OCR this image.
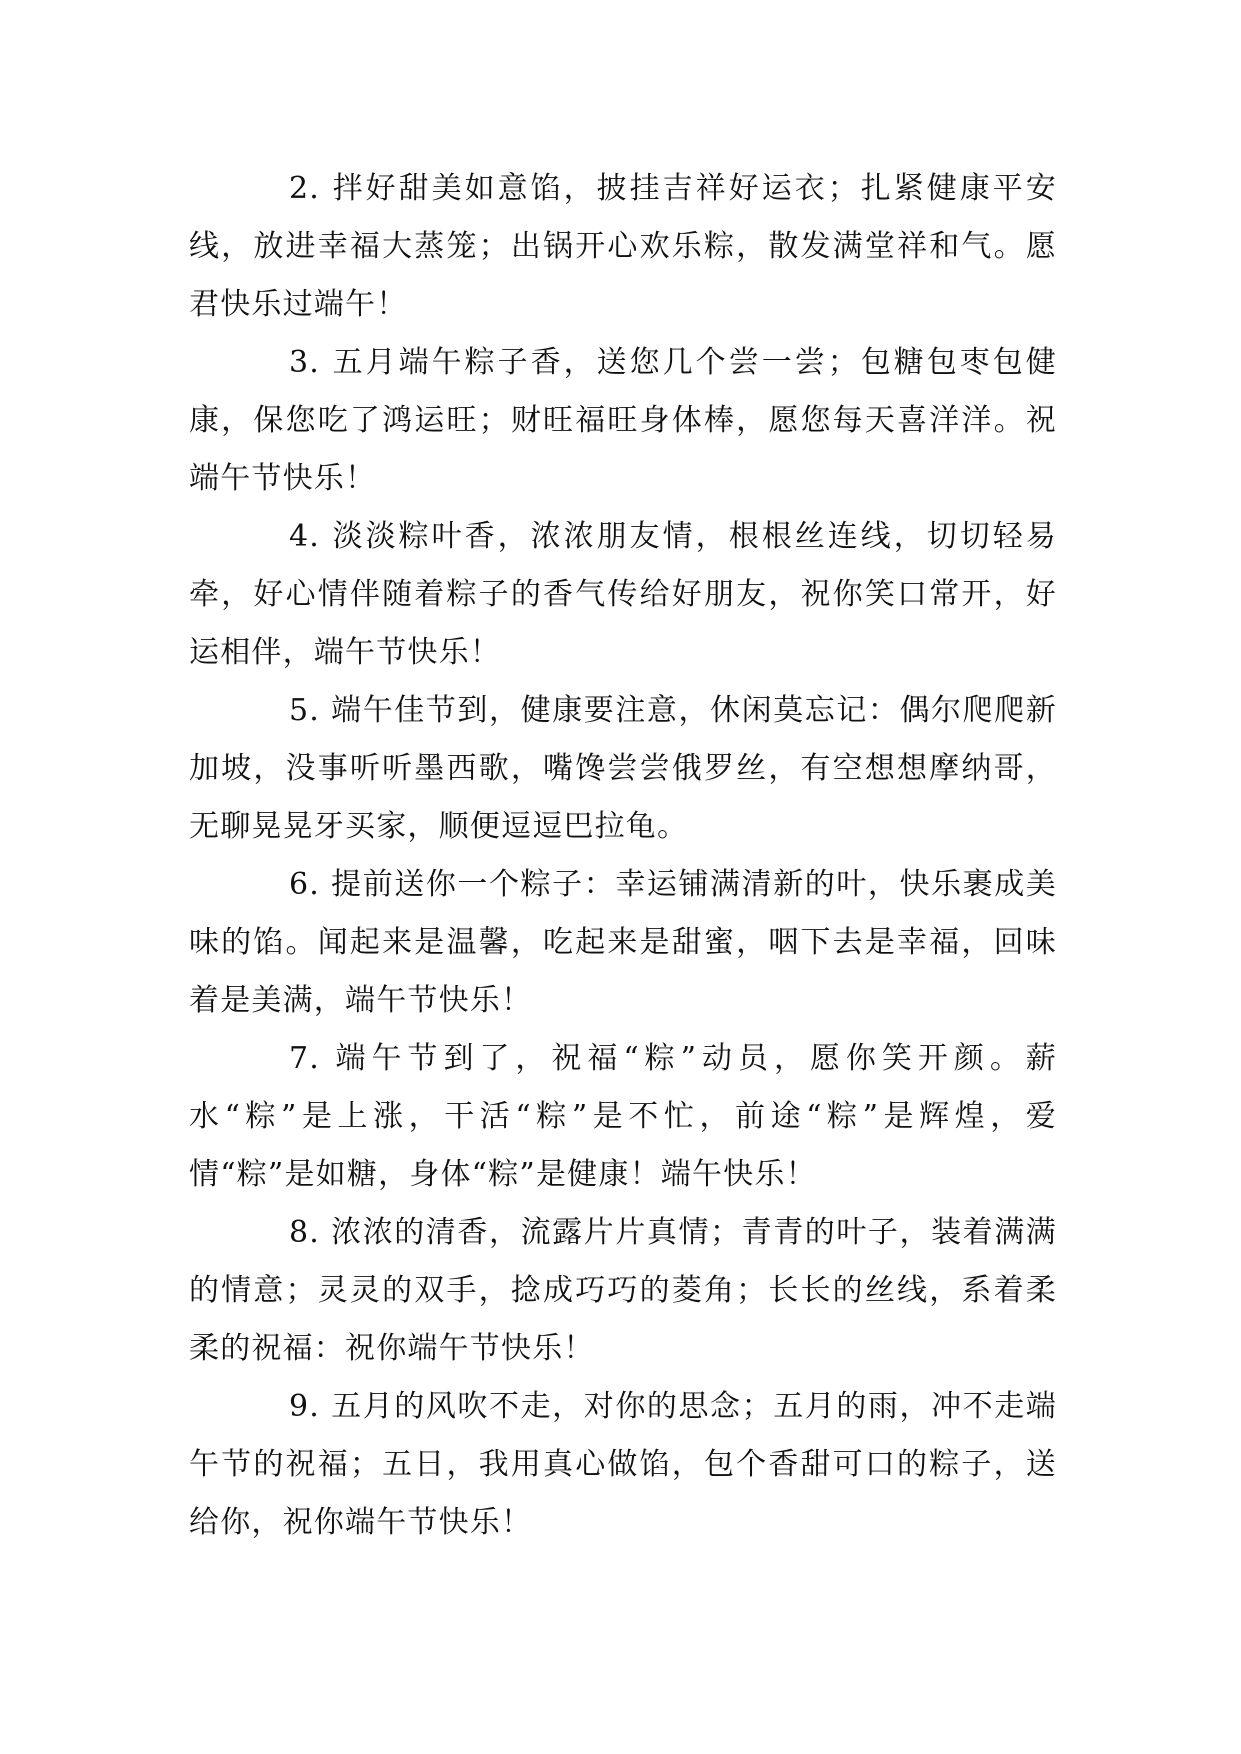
2. 拌好甜美如意馅，披挂吉祥好运衣；扎紧健康平安线，放进幸福大蒸笼；出锅开心欢乐粽，散发满堂祥和气。愿君快乐过端午！

3. 五月端午粽子香，送您几个尝一尝；包糖包枣包健康，保您吃了鸿运旺；财旺福旺身体棒，愿您每天喜洋洋。祝端午节快乐！

4. 淡淡粽叶香，浓浓朋友情，根根丝连线，切切轻易牵，好心情伴随着粽子的香气传给好朋友，祝你笑口常开，好运相伴，端午节快乐！

5. 端午佳节到，健康要注意，休闲莫忘记：偶尔爬爬新加坡，没事听听墨西歌，嘴馋尝尝俄罗丝，有空想想摩纳哥，无聊晃晃牙买家，顺便逗逗巴拉龟。

6. 提前送你一个粽子：幸运铺满清新的叶，快乐裹成美味的馅。闻起来是温馨，吃起来是甜蜜，咽下去是幸福，回味着是美满，端午节快乐！

7. 端午节到了，祝福“粽”动员，愿你笑开颜。薪水“粽”是上涨，干活“粽”是不忙，前途“粽”是辉煌，爱情“粽”是如糖，身体“粽”是健康！端午快乐！

8. 浓浓的清香，流露片片真情；青青的叶子，装着满满的情意；灵灵的双手，捻成巧巧的菱角；长长的丝线，系着柔柔的祝福：祝你端午节快乐！

9. 五月的风吹不走，对你的思念；五月的雨，冲不走端午节的祝福；五日，我用真心做馅，包个香甜可口的粽子，送给你，祝你端午节快乐！
